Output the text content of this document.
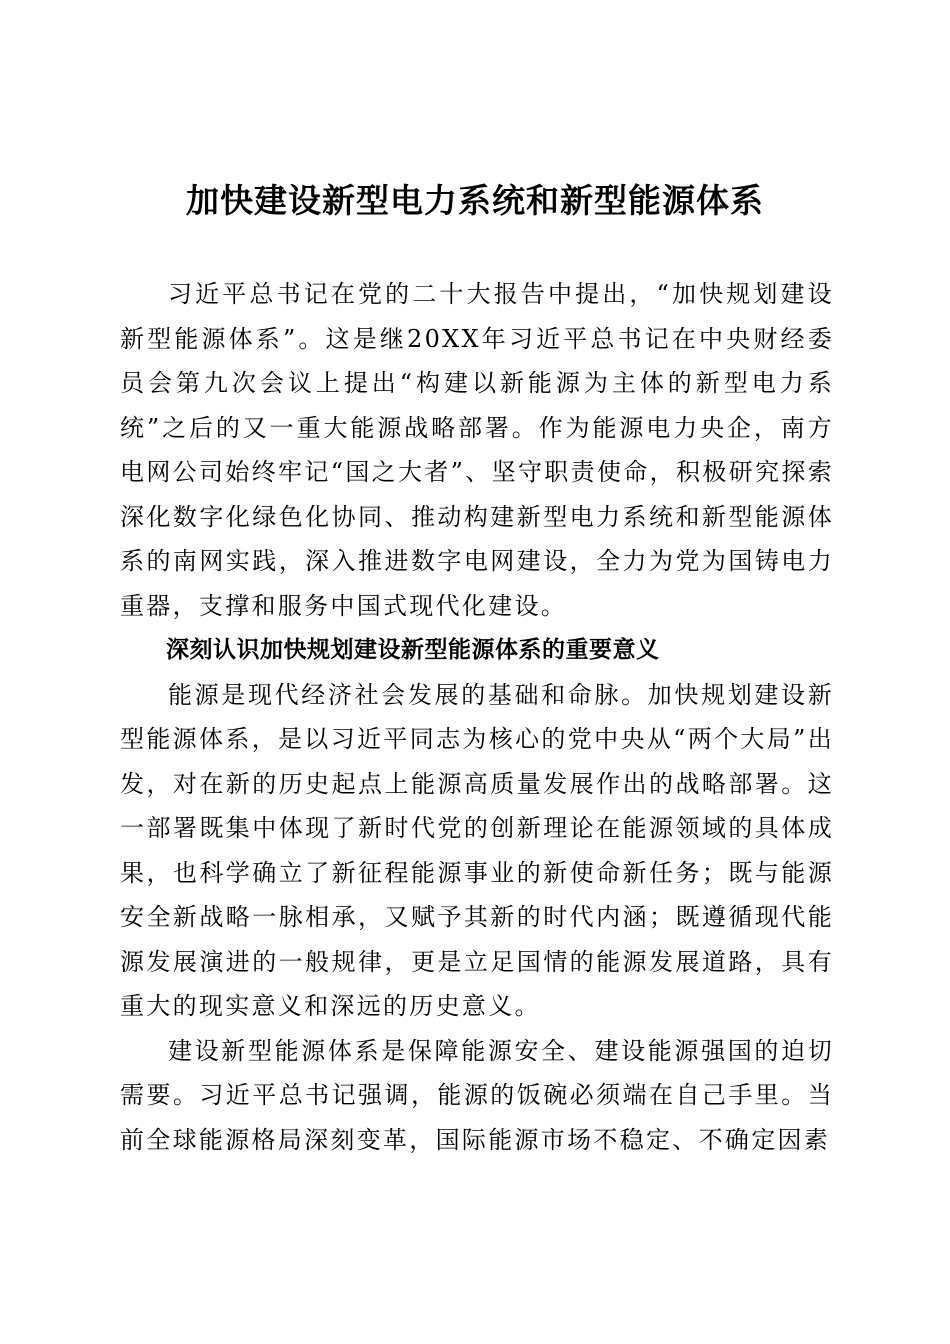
加快建设新型电力系统和新型能源体系

习近平总书记在党的二十大报告中提出，“加快规划建设新型能源体系”。这是继20XX年习近平总书记在中央财经委员会第九次会议上提出“构建以新能源为主体的新型电力系统”之后的又一重大能源战略部署。作为能源电力央企，南方电网公司始终牢记“国之大者”、坚守职责使命，积极研究探索深化数字化绿色化协同、推动构建新型电力系统和新型能源体系的南网实践，深入推进数字电网建设，全力为党为国铸电力重器，支撑和服务中国式现代化建设。

深刻认识加快规划建设新型能源体系的重要意义

能源是现代经济社会发展的基础和命脉。加快规划建设新型能源体系，是以习近平同志为核心的党中央从“两个大局”出发，对在新的历史起点上能源高质量发展作出的战略部署。这一部署既集中体现了新时代党的创新理论在能源领域的具体成果，也科学确立了新征程能源事业的新使命新任务；既与能源安全新战略一脉相承，又赋予其新的时代内涵；既遵循现代能源发展演进的一般规律，更是立足国情的能源发展道路，具有重大的现实意义和深远的历史意义。

建设新型能源体系是保障能源安全、建设能源强国的迫切需要。习近平总书记强调，能源的饭碗必须端在自己手里。当前全球能源格局深刻变革，国际能源市场不稳定、不确定因素
